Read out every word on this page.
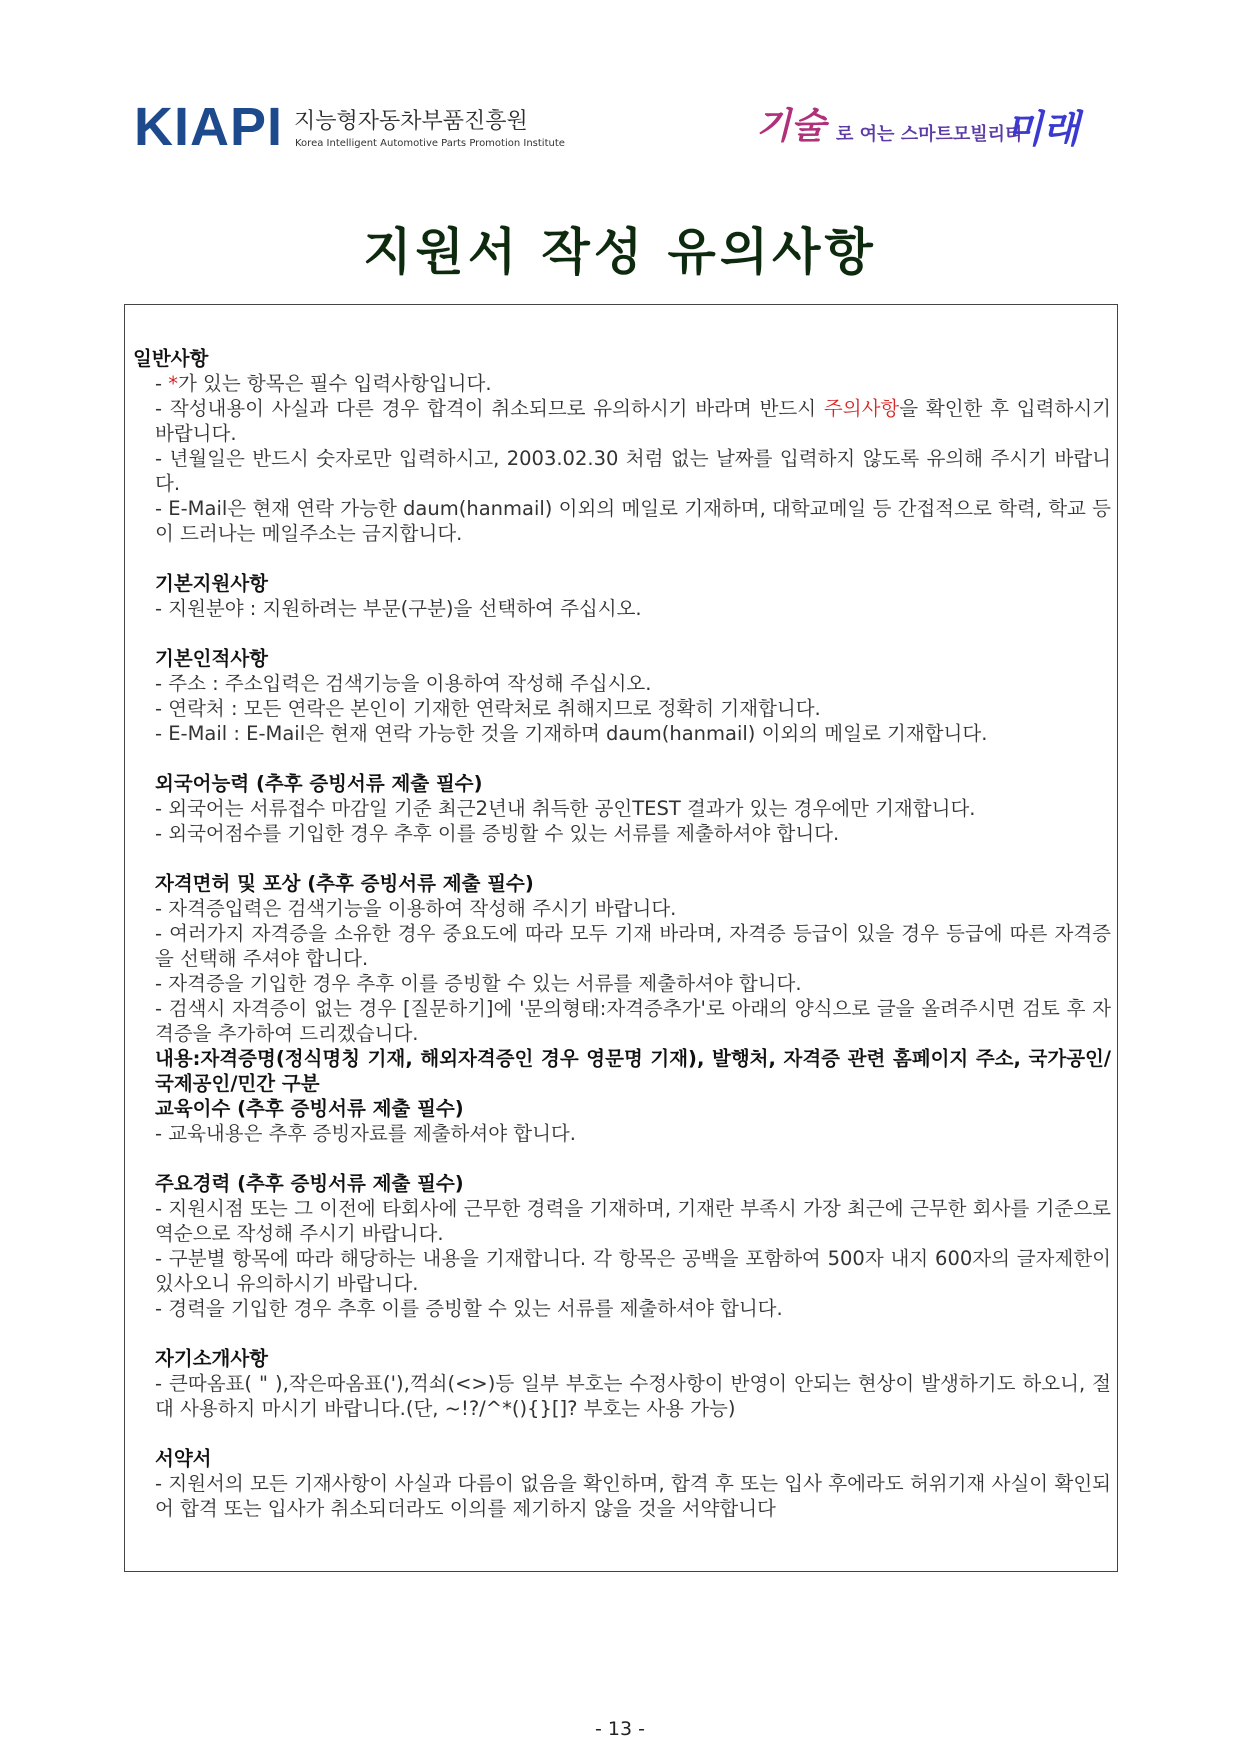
KIAPI 지능형자동차부품진흥원
Korea Intelligent Automotive Parts Promotion Institute	기술 로 여는 스마트모빌리티
미래
지원서 작성 유의사항
일반사항
- *가 있는 항목은 필수 입력사항입니다.
- 작성내용이 사실과 다른 경우 합격이 취소되므로 유의하시기 바라며 반드시 주의사항을 확인한 후 입력하시기 바랍니다.
- 년월일은 반드시 숫자로만 입력하시고, 2003.02.30 처럼 없는 날짜를 입력하지 않도록 유의해 주시기 바랍니다.
- E-Mail은 현재 연락 가능한 daum(hanmail) 이외의 메일로 기재하며, 대학교메일 등 간접적으로 학력, 학교 등이 드러나는 메일주소는 금지합니다.
기본지원사항
- 지원분야 : 지원하려는 부문(구분)을 선택하여 주십시오.
기본인적사항
- 주소 : 주소입력은 검색기능을 이용하여 작성해 주십시오.
- 연락처 : 모든 연락은 본인이 기재한 연락처로 취해지므로 정확히 기재합니다.
- E-Mail : E-Mail은 현재 연락 가능한 것을 기재하며 daum(hanmail) 이외의 메일로 기재합니다.
외국어능력 (추후 증빙서류 제출 필수)
- 외국어는 서류접수 마감일 기준 최근2년내 취득한 공인TEST 결과가 있는 경우에만 기재합니다.
- 외국어점수를 기입한 경우 추후 이를 증빙할 수 있는 서류를 제출하셔야 합니다.
자격면허 및 포상 (추후 증빙서류 제출 필수)
- 자격증입력은 검색기능을 이용하여 작성해 주시기 바랍니다.
- 여러가지 자격증을 소유한 경우 중요도에 따라 모두 기재 바라며, 자격증 등급이 있을 경우 등급에 따른 자격증을 선택해 주셔야 합니다.
- 자격증을 기입한 경우 추후 이를 증빙할 수 있는 서류를 제출하셔야 합니다.
- 검색시 자격증이 없는 경우 [질문하기]에 '문의형태:자격증추가'로 아래의 양식으로 글을 올려주시면 검토 후 자격증을 추가하여 드리겠습니다.
내용:자격증명(정식명칭 기재, 해외자격증인 경우 영문명 기재), 발행처, 자격증 관련 홈페이지 주소, 국가공인/국제공인/민간 구분
교육이수 (추후 증빙서류 제출 필수)
- 교육내용은 추후 증빙자료를 제출하셔야 합니다.
주요경력 (추후 증빙서류 제출 필수)
- 지원시점 또는 그 이전에 타회사에 근무한 경력을 기재하며, 기재란 부족시 가장 최근에 근무한 회사를 기준으로 역순으로 작성해 주시기 바랍니다.
- 구분별 항목에 따라 해당하는 내용을 기재합니다. 각 항목은 공백을 포함하여 500자 내지 600자의 글자제한이 있사오니 유의하시기 바랍니다.
- 경력을 기입한 경우 추후 이를 증빙할 수 있는 서류를 제출하셔야 합니다.
자기소개사항
- 큰따옴표( " ),작은따옴표('),꺽쇠(<>)등 일부 부호는 수정사항이 반영이 안되는 현상이 발생하기도 하오니, 절대 사용하지 마시기 바랍니다.(단, ~!?/^*(){}[]? 부호는 사용 가능)
서약서
- 지원서의 모든 기재사항이 사실과 다름이 없음을 확인하며, 합격 후 또는 입사 후에라도 허위기재 사실이 확인되어 합격 또는 입사가 취소되더라도 이의를 제기하지 않을 것을 서약합니다
- 13 -
